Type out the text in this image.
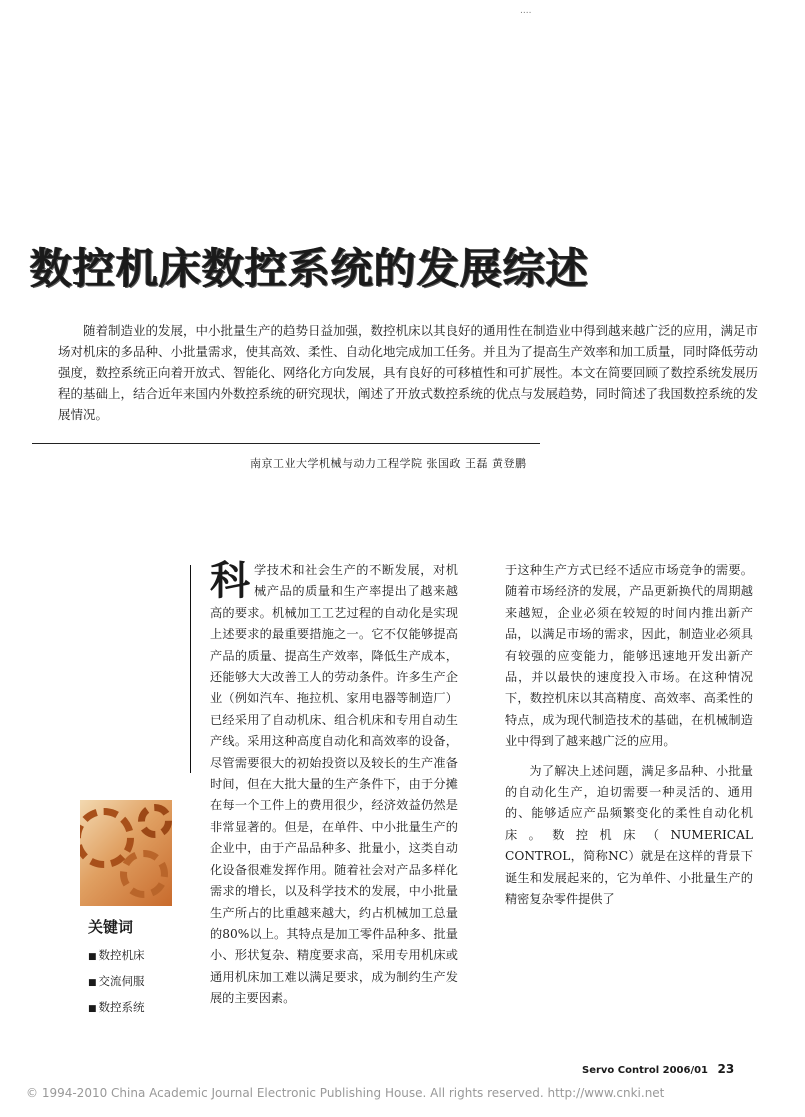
....
数控机床数控系统的发展综述
随着制造业的发展，中小批量生产的趋势日益加强，数控机床以其良好的通用性在制造业中得到越来越广泛的应用，满足市场对机床的多品种、小批量需求，使其高效、柔性、自动化地完成加工任务。并且为了提高生产效率和加工质量，同时降低劳动强度，数控系统正向着开放式、智能化、网络化方向发展，具有良好的可移植性和可扩展性。本文在简要回顾了数控系统发展历程的基础上，结合近年来国内外数控系统的研究现状，阐述了开放式数控系统的优点与发展趋势，同时简述了我国数控系统的发展情况。
南京工业大学机械与动力工程学院 张国政 王磊 黄登鹏
关键词
■ 数控机床
■ 交流伺服
■ 数控系统
科 学技术和社会生产的不断发展，对机械产品的质量和生产率提出了越来越高的要求。机械加工工艺过程的自动化是实现上述要求的最重要措施之一。它不仅能够提高产品的质量、提高生产效率，降低生产成本，还能够大大改善工人的劳动条件。许多生产企业（例如汽车、拖拉机、家用电器等制造厂）已经采用了自动机床、组合机床和专用自动生产线。采用这种高度自动化和高效率的设备，尽管需要很大的初始投资以及较长的生产准备时间，但在大批大量的生产条件下，由于分摊在每一个工件上的费用很少，经济效益仍然是非常显著的。但是，在单件、中小批量生产的企业中，由于产品品种多、批量小，这类自动化设备很难发挥作用。随着社会对产品多样化需求的增长，以及科学技术的发展，中小批量生产所占的比重越来越大，约占机械加工总量的80%以上。其特点是加工零件品种多、批量小、形状复杂、精度要求高，采用专用机床或通用机床加工难以满足要求，成为制约生产发展的主要因素。

于这种生产方式已经不适应市场竞争的需要。随着市场经济的发展，产品更新换代的周期越来越短，企业必须在较短的时间内推出新产品，以满足市场的需求，因此，制造业必须具有较强的应变能力，能够迅速地开发出新产品，并以最快的速度投入市场。在这种情况下，数控机床以其高精度、高效率、高柔性的特点，成为现代制造技术的基础，在机械制造业中得到了越来越广泛的应用。

为了解决上述问题，满足多品种、小批量的自动化生产，迫切需要一种灵活的、通用的、能够适应产品频繁变化的柔性自动化机床。数控机床（NUMERICAL CONTROL，简称NC）就是在这样的背景下诞生和发展起来的，它为单件、小批量生产的精密复杂零件提供了

Servo Control 2006/01 23
© 1994-2010 China Academic Journal Electronic Publishing House. All rights reserved. http://www.cnki.net
